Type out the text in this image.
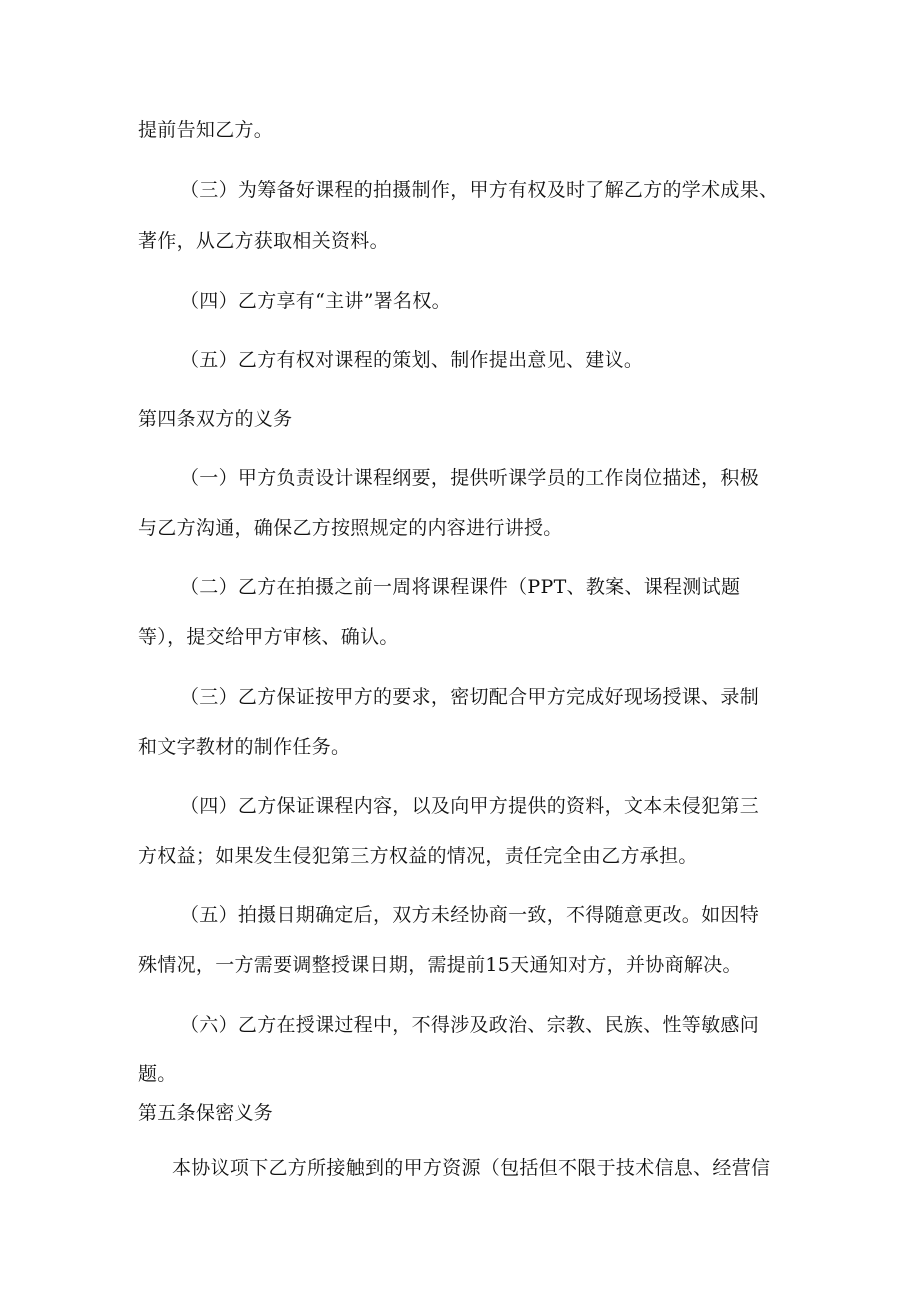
提前告知乙方。
（三）为筹备好课程的拍摄制作，甲方有权及时了解乙方的学术成果、
著作，从乙方获取相关资料。
（四）乙方享有“主讲”署名权。
（五）乙方有权对课程的策划、制作提出意见、建议。
第四条双方的义务
（一）甲方负责设计课程纲要，提供听课学员的工作岗位描述，积极
与乙方沟通，确保乙方按照规定的内容进行讲授。
（二）乙方在拍摄之前一周将课程课件（PPT、教案、课程测试题
等），提交给甲方审核、确认。
（三）乙方保证按甲方的要求，密切配合甲方完成好现场授课、录制
和文字教材的制作任务。
（四）乙方保证课程内容，以及向甲方提供的资料，文本未侵犯第三
方权益；如果发生侵犯第三方权益的情况，责任完全由乙方承担。
（五）拍摄日期确定后，双方未经协商一致，不得随意更改。如因特
殊情况，一方需要调整授课日期，需提前15天通知对方，并协商解决。
（六）乙方在授课过程中，不得涉及政治、宗教、民族、性等敏感问
题。
第五条保密义务
本协议项下乙方所接触到的甲方资源（包括但不限于技术信息、经营信
